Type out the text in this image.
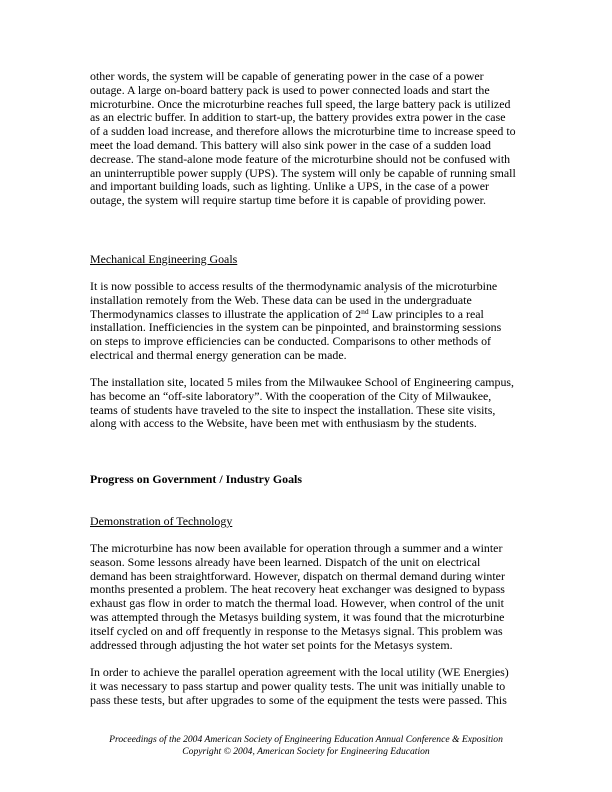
other words, the system will be capable of generating power in the case of a power
outage. A large on-board battery pack is used to power connected loads and start the
microturbine. Once the microturbine reaches full speed, the large battery pack is utilized
as an electric buffer. In addition to start-up, the battery provides extra power in the case
of a sudden load increase, and therefore allows the microturbine time to increase speed to
meet the load demand. This battery will also sink power in the case of a sudden load
decrease. The stand-alone mode feature of the microturbine should not be confused with
an uninterruptible power supply (UPS). The system will only be capable of running small
and important building loads, such as lighting. Unlike a UPS, in the case of a power
outage, the system will require startup time before it is capable of providing power.
Mechanical Engineering Goals
It is now possible to access results of the thermodynamic analysis of the microturbine
installation remotely from the Web. These data can be used in the undergraduate
Thermodynamics classes to illustrate the application of 2nd Law principles to a real
installation. Inefficiencies in the system can be pinpointed, and brainstorming sessions
on steps to improve efficiencies can be conducted. Comparisons to other methods of
electrical and thermal energy generation can be made.
The installation site, located 5 miles from the Milwaukee School of Engineering campus,
has become an “off-site laboratory”. With the cooperation of the City of Milwaukee,
teams of students have traveled to the site to inspect the installation. These site visits,
along with access to the Website, have been met with enthusiasm by the students.
Progress on Government / Industry Goals
Demonstration of Technology
The microturbine has now been available for operation through a summer and a winter
season. Some lessons already have been learned. Dispatch of the unit on electrical
demand has been straightforward. However, dispatch on thermal demand during winter
months presented a problem. The heat recovery heat exchanger was designed to bypass
exhaust gas flow in order to match the thermal load. However, when control of the unit
was attempted through the Metasys building system, it was found that the microturbine
itself cycled on and off frequently in response to the Metasys signal. This problem was
addressed through adjusting the hot water set points for the Metasys system.
In order to achieve the parallel operation agreement with the local utility (WE Energies)
it was necessary to pass startup and power quality tests. The unit was initially unable to
pass these tests, but after upgrades to some of the equipment the tests were passed. This
Proceedings of the 2004 American Society of Engineering Education Annual Conference & Exposition
Copyright © 2004, American Society for Engineering Education
